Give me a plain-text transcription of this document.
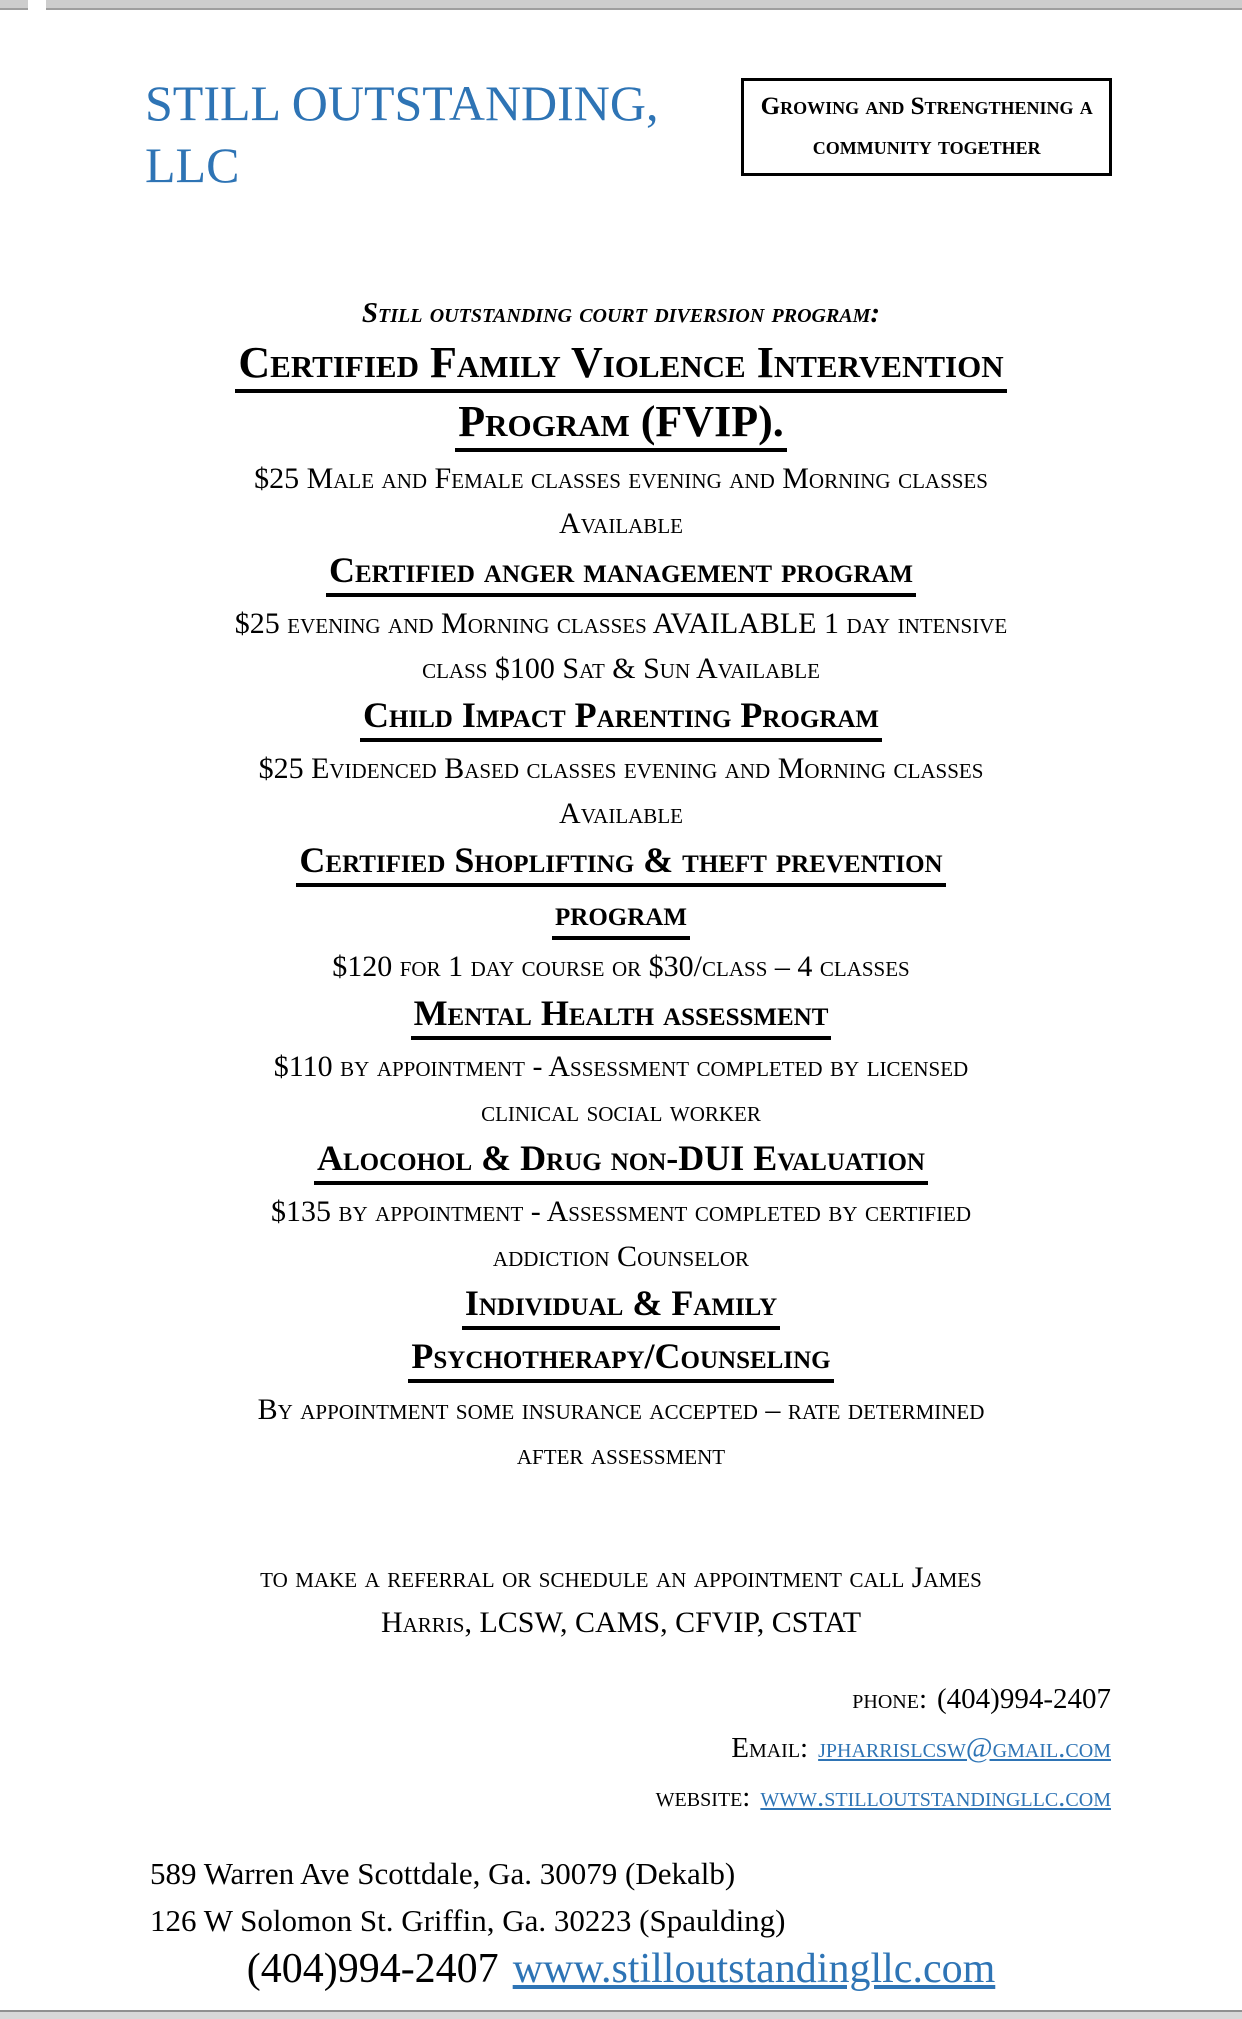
STILL OUTSTANDING, LLC
Growing and Strengthening a community together
Still outstanding court diversion program:
Certified Family Violence Intervention
Program (FVIP).
$25 Male and Female classes evening and Morning classes
Available
Certified anger management program
$25 evening and Morning classes AVAILABLE 1 day intensive
class $100 Sat & Sun Available
Child Impact Parenting Program
$25 Evidenced Based classes evening and Morning classes
Available
Certified Shoplifting & theft prevention
program
$120 for 1 day course or $30/class – 4 classes
Mental Health assessment
$110 by appointment - Assessment completed by licensed
clinical social worker
Alocohol & Drug non-DUI Evaluation
$135 by appointment - Assessment completed by certified
addiction Counselor
Individual & Family
Psychotherapy/Counseling
By appointment some insurance accepted – rate determined
after assessment
to make a referral or schedule an appointment call James
Harris, LCSW, CAMS, CFVIP, CSTAT
phone: (404)994-2407
Email: jpharrislcsw@gmail.com
website: www.stilloutstandingllc.com
589 Warren Ave Scottdale, Ga. 30079 (Dekalb)
126 W Solomon St. Griffin, Ga. 30223 (Spaulding)
(404)994-2407 www.stilloutstandingllc.com
